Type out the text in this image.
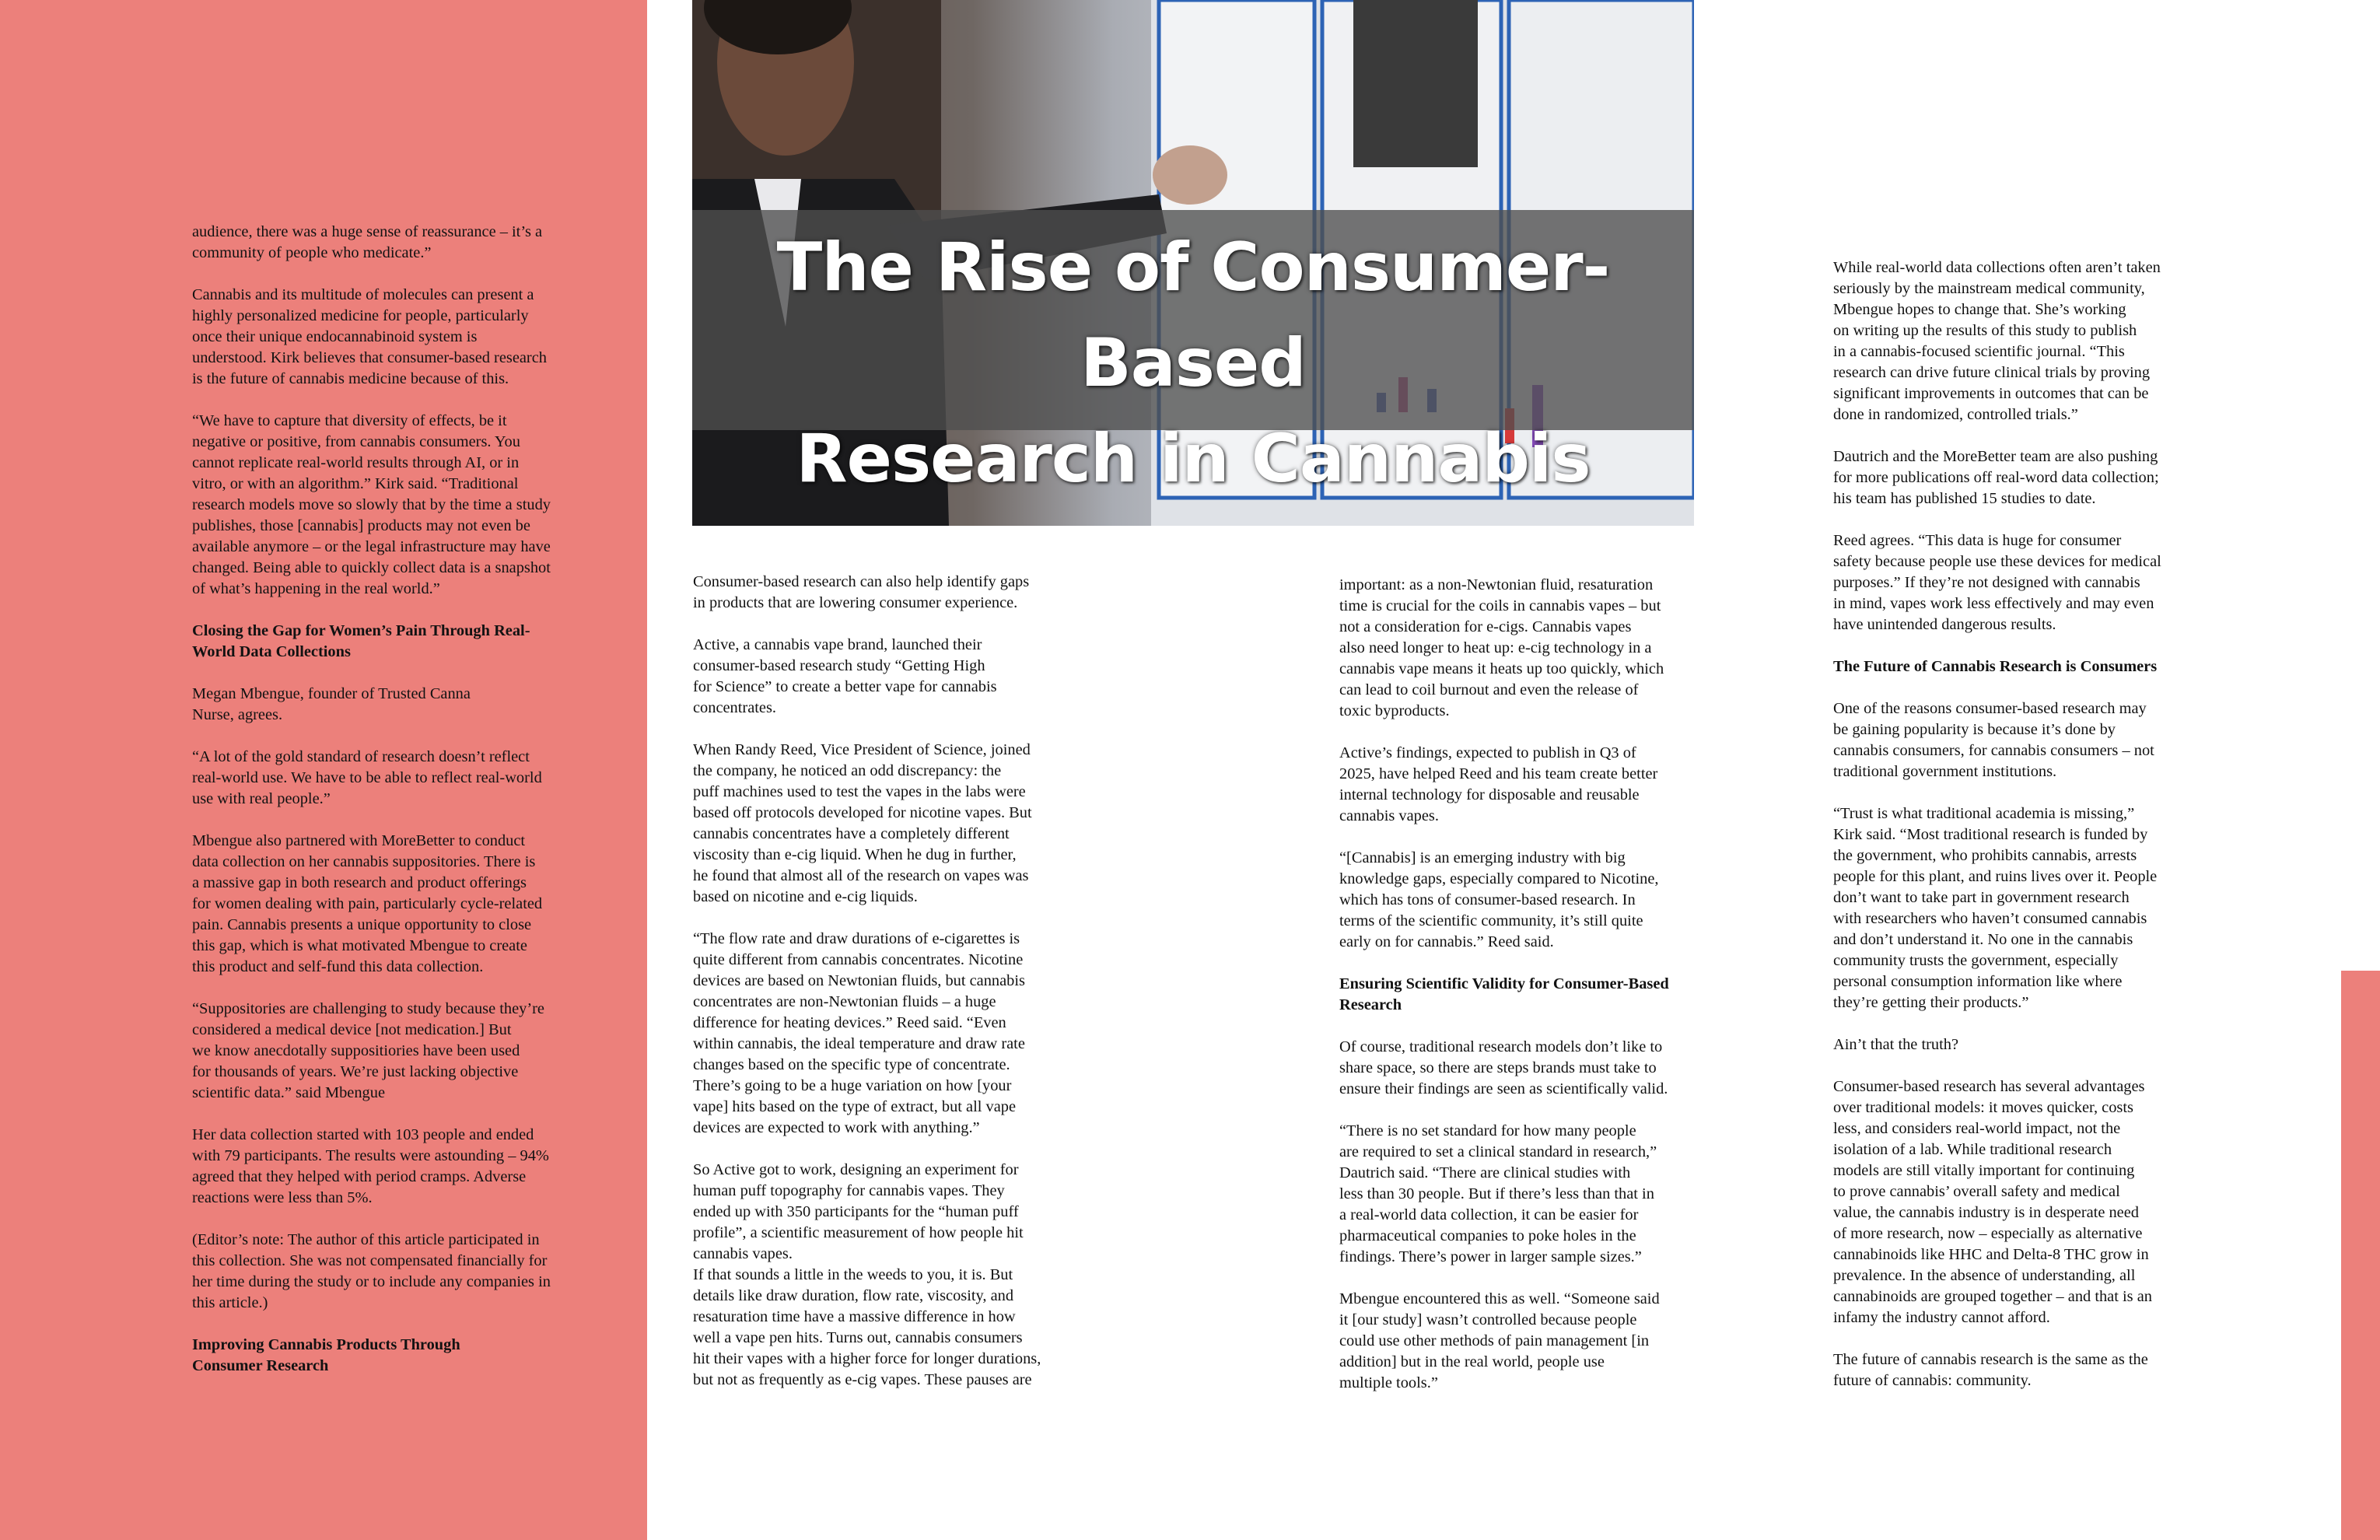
The Rise of Consumer-Based
Research in Cannabis

audience, there was a huge sense of reassurance – it’s a
community of people who medicate.”

Cannabis and its multitude of molecules can present a
highly personalized medicine for people, particularly
once their unique endocannabinoid system is
understood. Kirk believes that consumer-based research
is the future of cannabis medicine because of this.

“We have to capture that diversity of effects, be it
negative or positive, from cannabis consumers. You
cannot replicate real-world results through AI, or in
vitro, or with an algorithm.” Kirk said. “Traditional
research models move so slowly that by the time a study
publishes, those [cannabis] products may not even be
available anymore – or the legal infrastructure may have
changed. Being able to quickly collect data is a snapshot
of what’s happening in the real world.”

Closing the Gap for Women’s Pain Through Real-
World Data Collections

Megan Mbengue, founder of Trusted Canna
Nurse, agrees.

“A lot of the gold standard of research doesn’t reflect
real-world use. We have to be able to reflect real-world
use with real people.”

Mbengue also partnered with MoreBetter to conduct
data collection on her cannabis suppositories. There is
a massive gap in both research and product offerings
for women dealing with pain, particularly cycle-related
pain. Cannabis presents a unique opportunity to close
this gap, which is what motivated Mbengue to create
this product and self-fund this data collection.

“Suppositories are challenging to study because they’re
considered a medical device [not medication.] But
we know anecdotally suppositiories have been used
for thousands of years. We’re just lacking objective
scientific data.” said Mbengue

Her data collection started with 103 people and ended
with 79 participants. The results were astounding – 94%
agreed that they helped with period cramps. Adverse
reactions were less than 5%.

(Editor’s note: The author of this article participated in
this collection. She was not compensated financially for
her time during the study or to include any companies in
this article.)

Improving Cannabis Products Through
Consumer Research

Consumer-based research can also help identify gaps
in products that are lowering consumer experience.

Active, a cannabis vape brand, launched their
consumer-based research study “Getting High
for Science” to create a better vape for cannabis
concentrates.

When Randy Reed, Vice President of Science, joined
the company, he noticed an odd discrepancy: the
puff machines used to test the vapes in the labs were
based off protocols developed for nicotine vapes. But
cannabis concentrates have a completely different
viscosity than e-cig liquid. When he dug in further,
he found that almost all of the research on vapes was
based on nicotine and e-cig liquids.

“The flow rate and draw durations of e-cigarettes is
quite different from cannabis concentrates. Nicotine
devices are based on Newtonian fluids, but cannabis
concentrates are non-Newtonian fluids – a huge
difference for heating devices.” Reed said. “Even
within cannabis, the ideal temperature and draw rate
changes based on the specific type of concentrate.
There’s going to be a huge variation on how [your
vape] hits based on the type of extract, but all vape
devices are expected to work with anything.”

So Active got to work, designing an experiment for
human puff topography for cannabis vapes. They
ended up with 350 participants for the “human puff
profile”, a scientific measurement of how people hit
cannabis vapes.
If that sounds a little in the weeds to you, it is. But
details like draw duration, flow rate, viscosity, and
resaturation time have a massive difference in how
well a vape pen hits. Turns out, cannabis consumers
hit their vapes with a higher force for longer durations,
but not as frequently as e-cig vapes. These pauses are

important: as a non-Newtonian fluid, resaturation
time is crucial for the coils in cannabis vapes – but
not a consideration for e-cigs. Cannabis vapes
also need longer to heat up: e-cig technology in a
cannabis vape means it heats up too quickly, which
can lead to coil burnout and even the release of
toxic byproducts.

Active’s findings, expected to publish in Q3 of
2025, have helped Reed and his team create better
internal technology for disposable and reusable
cannabis vapes.

“[Cannabis] is an emerging industry with big
knowledge gaps, especially compared to Nicotine,
which has tons of consumer-based research. In
terms of the scientific community, it’s still quite
early on for cannabis.” Reed said.

Ensuring Scientific Validity for Consumer-Based
Research

Of course, traditional research models don’t like to
share space, so there are steps brands must take to
ensure their findings are seen as scientifically valid.

“There is no set standard for how many people
are required to set a clinical standard in research,”
Dautrich said. “There are clinical studies with
less than 30 people. But if there’s less than that in
a real-world data collection, it can be easier for
pharmaceutical companies to poke holes in the
findings. There’s power in larger sample sizes.”

Mbengue encountered this as well. “Someone said
it [our study] wasn’t controlled because people
could use other methods of pain management [in
addition] but in the real world, people use
multiple tools.”

While real-world data collections often aren’t taken
seriously by the mainstream medical community,
Mbengue hopes to change that. She’s working
on writing up the results of this study to publish
in a cannabis-focused scientific journal. “This
research can drive future clinical trials by proving
significant improvements in outcomes that can be
done in randomized, controlled trials.”

Dautrich and the MoreBetter team are also pushing
for more publications off real-word data collection;
his team has published 15 studies to date.

Reed agrees. “This data is huge for consumer
safety because people use these devices for medical
purposes.” If they’re not designed with cannabis
in mind, vapes work less effectively and may even
have unintended dangerous results.

The Future of Cannabis Research is Consumers

One of the reasons consumer-based research may
be gaining popularity is because it’s done by
cannabis consumers, for cannabis consumers – not
traditional government institutions.

“Trust is what traditional academia is missing,”
Kirk said. “Most traditional research is funded by
the government, who prohibits cannabis, arrests
people for this plant, and ruins lives over it. People
don’t want to take part in government research
with researchers who haven’t consumed cannabis
and don’t understand it. No one in the cannabis
community trusts the government, especially
personal consumption information like where
they’re getting their products.”

Ain’t that the truth?

Consumer-based research has several advantages
over traditional models: it moves quicker, costs
less, and considers real-world impact, not the
isolation of a lab. While traditional research
models are still vitally important for continuing
to prove cannabis’ overall safety and medical
value, the cannabis industry is in desperate need
of more research, now – especially as alternative
cannabinoids like HHC and Delta-8 THC grow in
prevalence. In the absence of understanding, all
cannabinoids are grouped together – and that is an
infamy the industry cannot afford.

The future of cannabis research is the same as the
future of cannabis: community.
